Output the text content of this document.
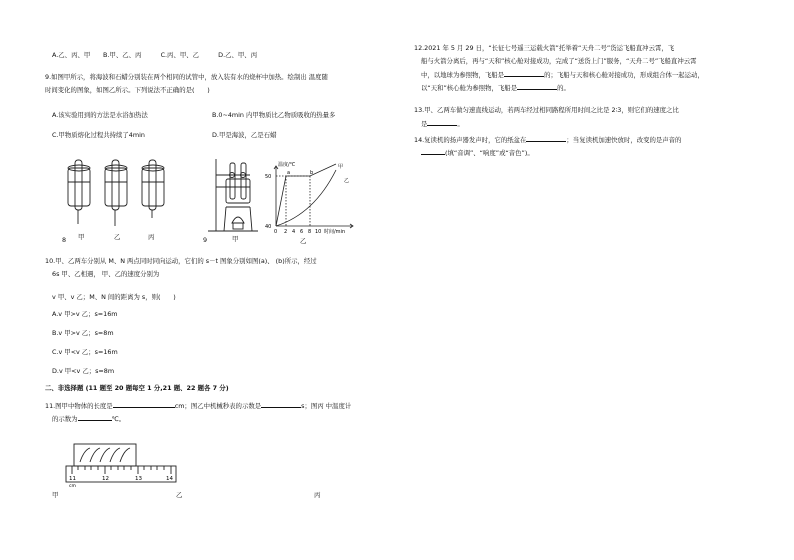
A.乙、丙、甲　　B.甲、乙、丙　　　C.丙、甲、乙　　　D.乙、甲、丙
9.如图甲所示，将海波和石蜡分别装在两个相同的试管中，放入装有水的烧杯中加热。绘制出 温度随
时间变化的图象，如图乙所示。下列说法不正确的是(　　)
A.该实验用到的方法是水浴加热法	B.0~4min 内甲物质比乙物质吸收的热量多
C.甲物质熔化过程共持续了4min	D.甲是海波，乙是石蜡
8 甲	乙	丙	9	甲
温度/℃
时间/min
50
40
0 2 4 6 8 10
甲
乙
a	b
乙
10.甲、乙两车分别从 M、N 两点同时同向运动，它们的 s－t 图象分别如图(a)、 (b)所示，经过
6s 甲、乙相遇， 甲、乙的速度分别为
v 甲、v 乙；M、N 间的距离为 s，则(　　)
A.v 甲>v 乙；s=16m
B.v 甲>v 乙；s=8m
C.v 甲<v 乙；s=16m
D.v 甲<v 乙；s=8m
二、非选择题 (11 题至 20 题每空 1 分,21 题、22 题各 7 分)
11.图甲中物体的长度是	cm；图乙中机械秒表的示数是	s；图丙 中温度计
的示数为	℃。
11	12	13	14
cm
甲	乙	丙
12.2021 年 5 月 29 日，“长征七号遥三运载火箭”托举着“天舟二号”货运飞船直冲云霄，飞
船与火箭分离后，再与“天和”核心舱对接成功，完成了“送货上门”服务，“天舟二号”飞船直冲云霄
中，以地球为参照物，飞船是	的；飞船与天和核心舱对接成功，形成组合体一起运动，
以“天和”核心舱为参照物，飞船是	的。
13.甲、乙两车做匀速直线运动，若两车经过相同路程所用时间之比是 2∶3，则它们的速度之比
是	。
14.复读机的扬声器发声时，它的纸盆在	；当复读机加速快放时，改变的是声音的
(填“音调”、“响度”或“音色”)。
